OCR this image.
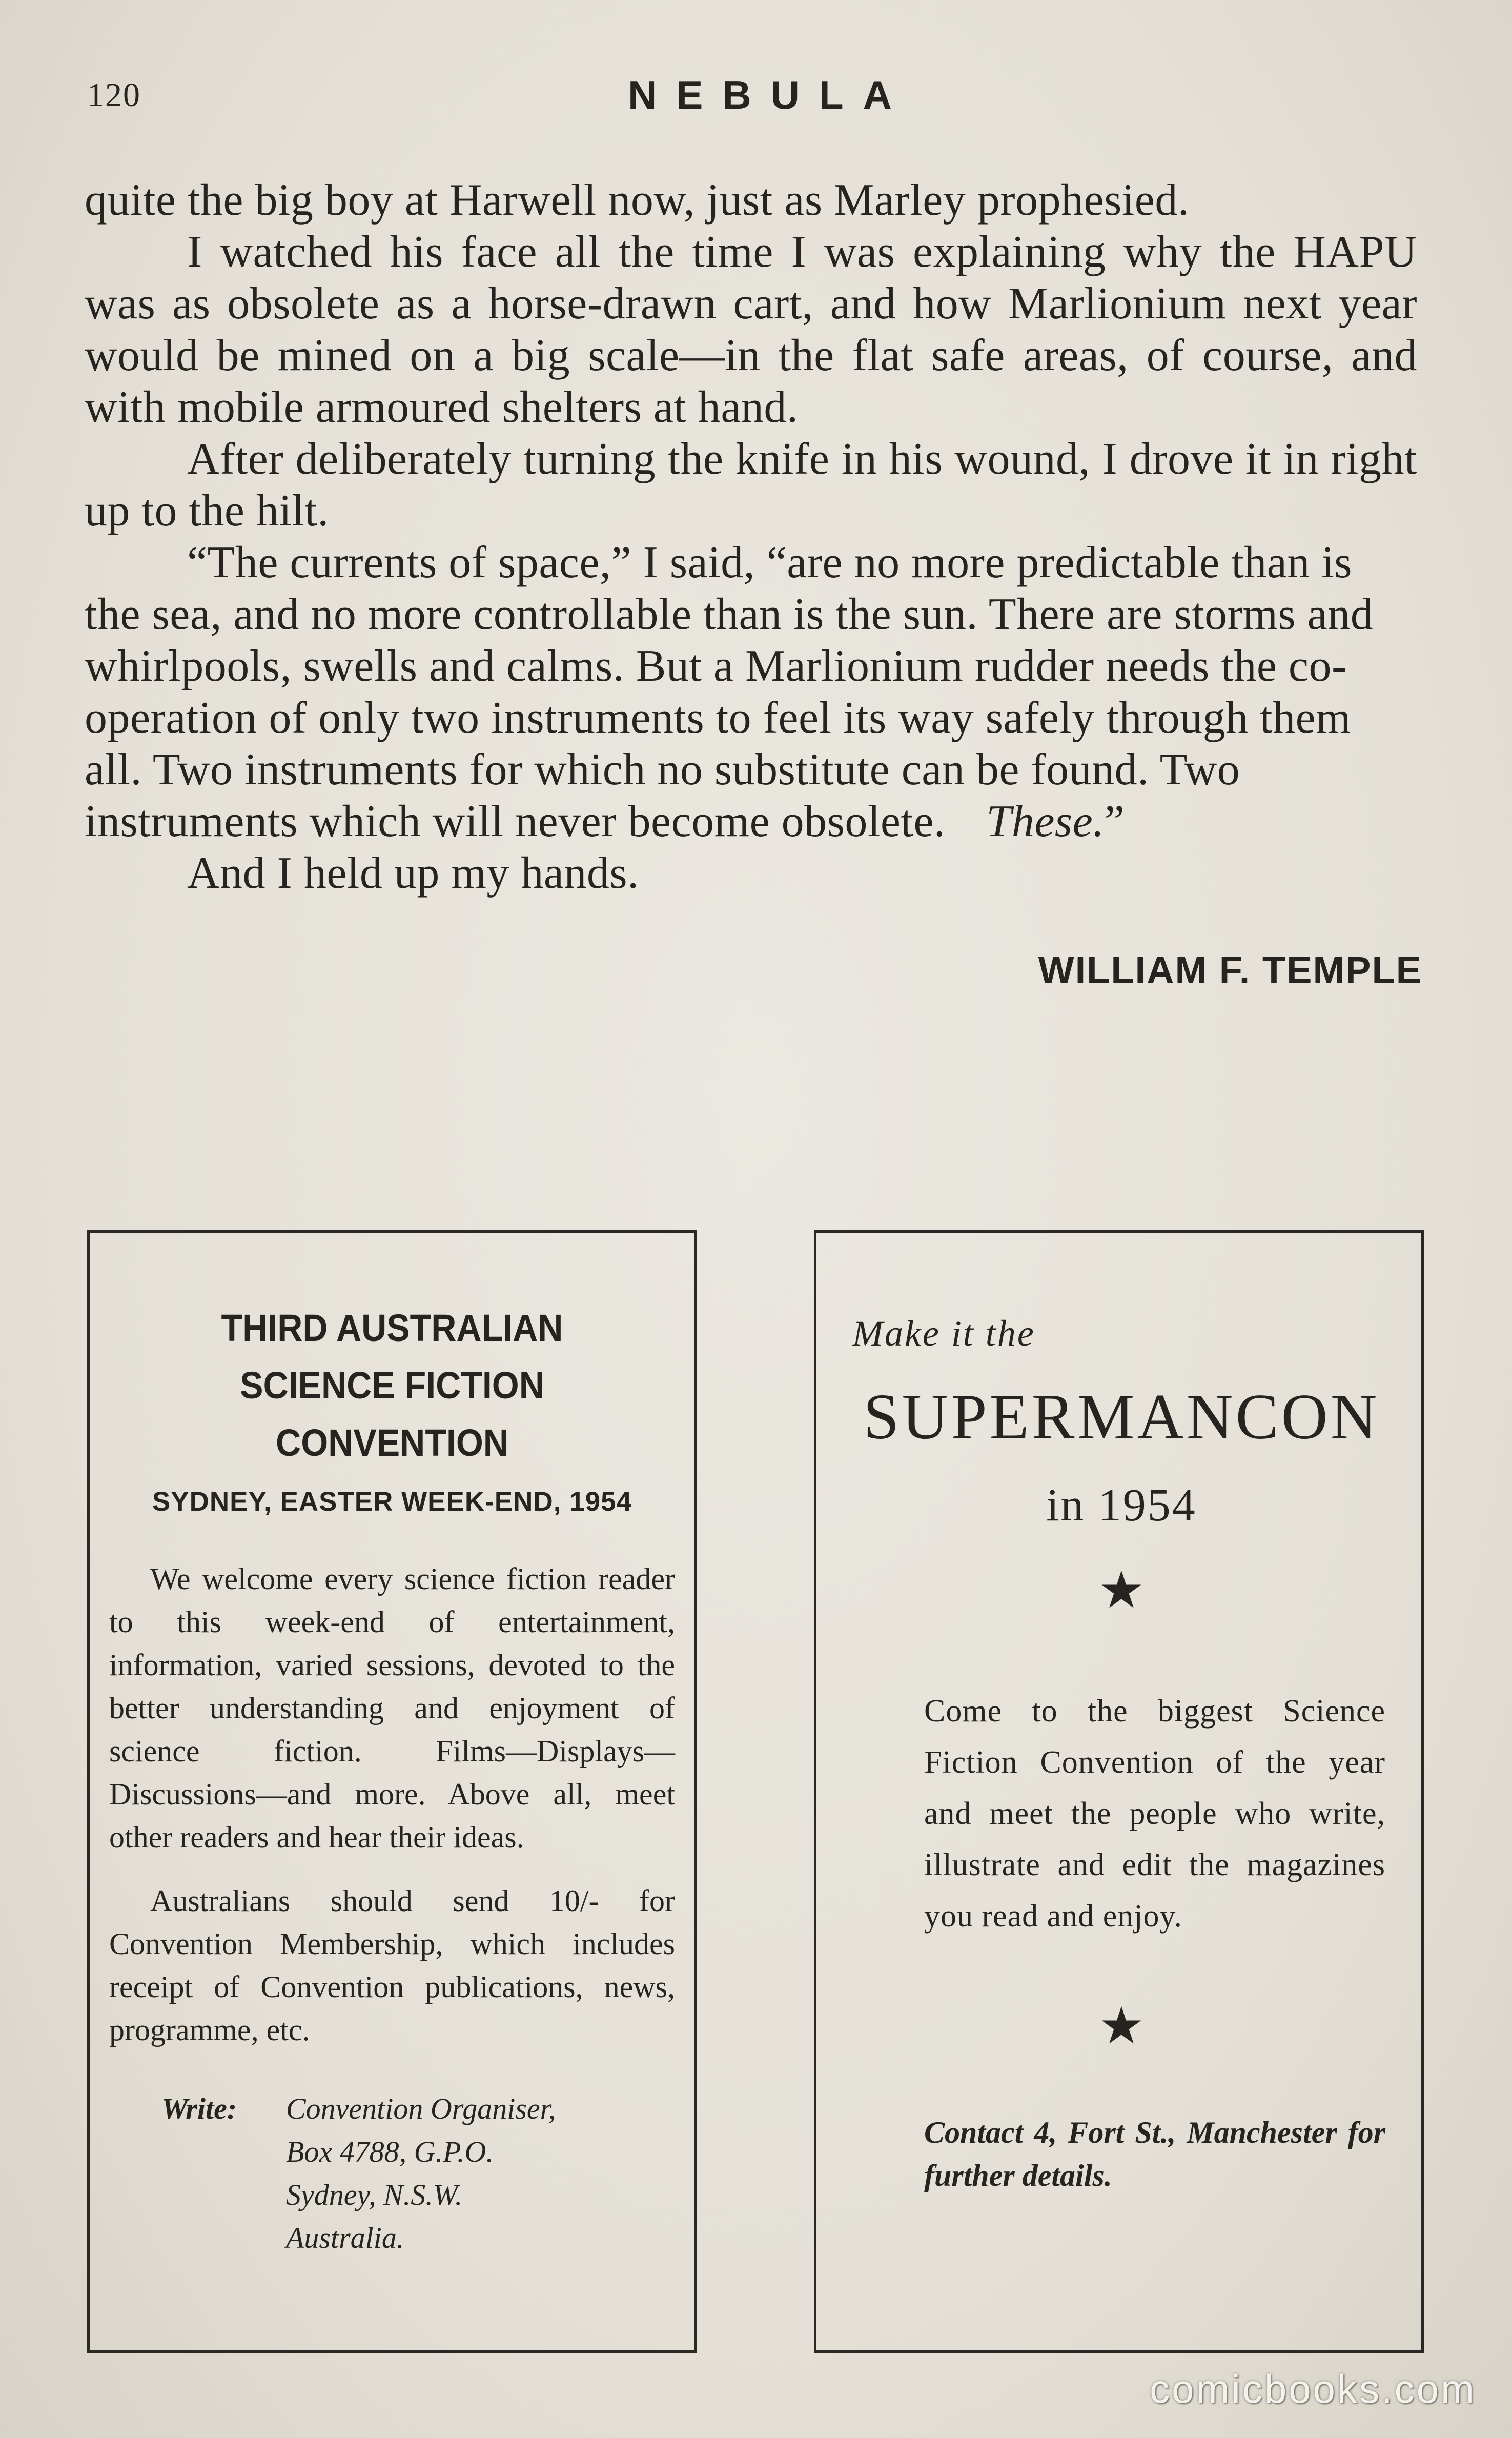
120	NEBULA

quite the big boy at Harwell now, just as Marley prophesied.

I watched his face all the time I was explaining why the HAPU was as obsolete as a horse-drawn cart, and how Marlionium next year would be mined on a big scale—in the flat safe areas, of course, and with mobile armoured shelters at hand.

After deliberately turning the knife in his wound, I drove it in right up to the hilt.

“The currents of space,” I said, “are no more predictable than is the sea, and no more controllable than is the sun. There are storms and whirlpools, swells and calms. But a Marlionium rudder needs the co-operation of only two instruments to feel its way safely through them all. Two instruments for which no substitute can be found. Two instruments which will never become obsolete. These.”

And I held up my hands.

WILLIAM F. TEMPLE
THIRD AUSTRALIAN
SCIENCE FICTION CONVENTION
SYDNEY, EASTER WEEK-END, 1954

We welcome every science fiction reader to this week-end of entertainment, information, varied sessions, devoted to the better understanding and enjoyment of science fiction. Films—Displays—Discussions—and more. Above all, meet other readers and hear their ideas.

Australians should send 10/- for Convention Membership, which includes receipt of Convention publications, news, programme, etc.

Write: Convention Organiser,
Box 4788, G.P.O.
Sydney, N.S.W.
Australia.
Make it the
SUPERMANCON
in 1954
★

Come to the biggest Science Fiction Convention of the year and meet the people who write, illustrate and edit the magazines you read and enjoy.

★

Contact 4, Fort St., Manchester for further details.

comicbooks.com
